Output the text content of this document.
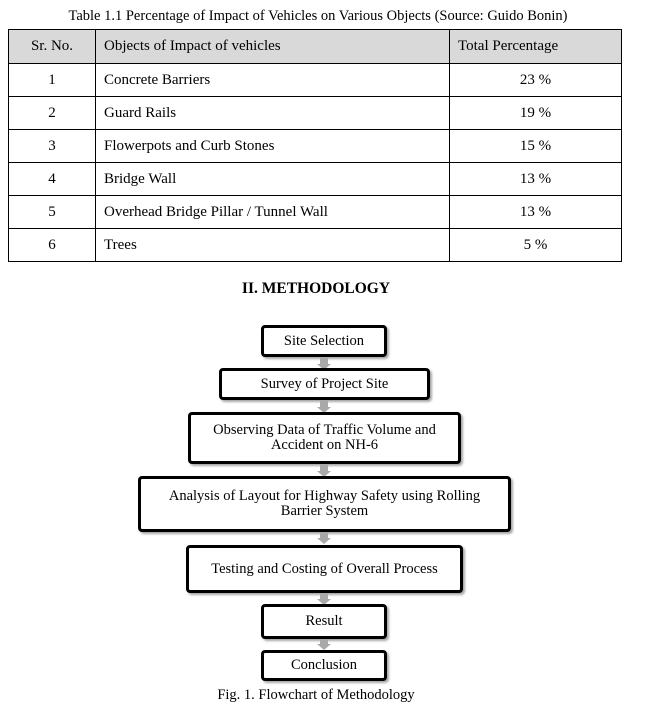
Table 1.1 Percentage of Impact of Vehicles on Various Objects (Source: Guido Bonin)
Sr. No.	Objects of Impact of vehicles	Total Percentage
1	Concrete Barriers	23 %
2	Guard Rails	19 %
3	Flowerpots and Curb Stones	15 %
4	Bridge Wall	13 %
5	Overhead Bridge Pillar / Tunnel Wall	13 %
6	Trees	5 %
II. METHODOLOGY
Site Selection
Survey of Project Site
Observing Data of Traffic Volume and Accident on NH-6
Analysis of Layout for Highway Safety using Rolling Barrier System
Testing and Costing of Overall Process
Result
Conclusion
Fig. 1. Flowchart of Methodology
